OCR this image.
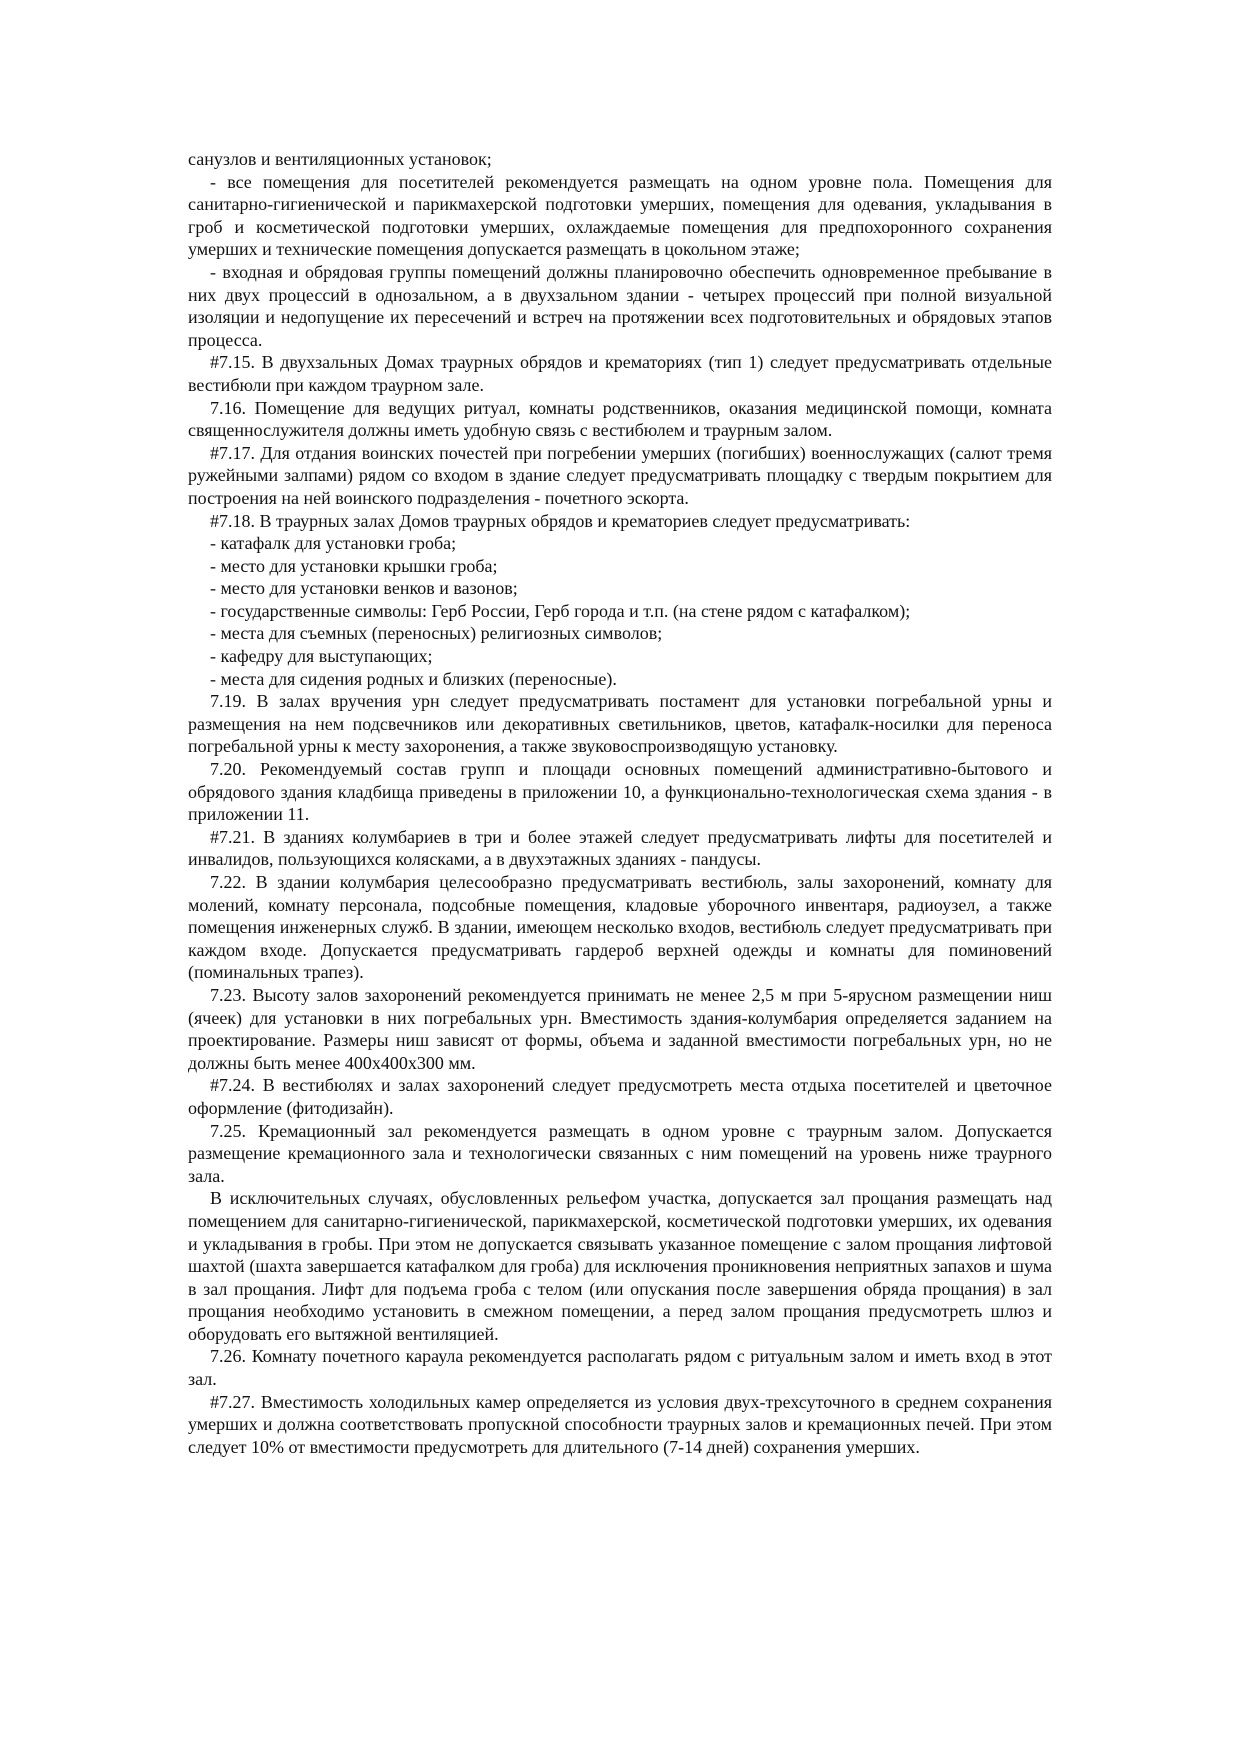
санузлов и вентиляционных установок;

- все помещения для посетителей рекомендуется размещать на одном уровне пола. Помещения для санитарно-гигиенической и парикмахерской подготовки умерших, помещения для одевания, укладывания в гроб и косметической подготовки умерших, охлаждаемые помещения для предпохоронного сохранения умерших и технические помещения допускается размещать в цокольном этаже;

- входная и обрядовая группы помещений должны планировочно обеспечить одновременное пребывание в них двух процессий в однозальном, а в двухзальном здании - четырех процессий при полной визуальной изоляции и недопущение их пересечений и встреч на протяжении всех подготовительных и обрядовых этапов процесса.

#7.15. В двухзальных Домах траурных обрядов и крематориях (тип 1) следует предусматривать отдельные вестибюли при каждом траурном зале.

7.16. Помещение для ведущих ритуал, комнаты родственников, оказания медицинской помощи, комната священнослужителя должны иметь удобную связь с вестибюлем и траурным залом.

#7.17. Для отдания воинских почестей при погребении умерших (погибших) военнослужащих (салют тремя ружейными залпами) рядом со входом в здание следует предусматривать площадку с твердым покрытием для построения на ней воинского подразделения - почетного эскорта.

#7.18. В траурных залах Домов траурных обрядов и крематориев следует предусматривать:

- катафалк для установки гроба;

- место для установки крышки гроба;

- место для установки венков и вазонов;

- государственные символы: Герб России, Герб города и т.п. (на стене рядом с катафалком);

- места для съемных (переносных) религиозных символов;

- кафедру для выступающих;

- места для сидения родных и близких (переносные).

7.19. В залах вручения урн следует предусматривать постамент для установки погребальной урны и размещения на нем подсвечников или декоративных светильников, цветов, катафалк-носилки для переноса погребальной урны к месту захоронения, а также звуковоспроизводящую установку.

7.20. Рекомендуемый состав групп и площади основных помещений административно-бытового и обрядового здания кладбища приведены в приложении 10, а функционально-технологическая схема здания - в приложении 11.

#7.21. В зданиях колумбариев в три и более этажей следует предусматривать лифты для посетителей и инвалидов, пользующихся колясками, а в двухэтажных зданиях - пандусы.

7.22. В здании колумбария целесообразно предусматривать вестибюль, залы захоронений, комнату для молений, комнату персонала, подсобные помещения, кладовые уборочного инвентаря, радиоузел, а также помещения инженерных служб. В здании, имеющем несколько входов, вестибюль следует предусматривать при каждом входе. Допускается предусматривать гардероб верхней одежды и комнаты для поминовений (поминальных трапез).

7.23. Высоту залов захоронений рекомендуется принимать не менее 2,5 м при 5-ярусном размещении ниш (ячеек) для установки в них погребальных урн. Вместимость здания-колумбария определяется заданием на проектирование. Размеры ниш зависят от формы, объема и заданной вместимости погребальных урн, но не должны быть менее 400х400х300 мм.

#7.24. В вестибюлях и залах захоронений следует предусмотреть места отдыха посетителей и цветочное оформление (фитодизайн).

7.25. Кремационный зал рекомендуется размещать в одном уровне с траурным залом. Допускается размещение кремационного зала и технологически связанных с ним помещений на уровень ниже траурного зала.

В исключительных случаях, обусловленных рельефом участка, допускается зал прощания размещать над помещением для санитарно-гигиенической, парикмахерской, косметической подготовки умерших, их одевания и укладывания в гробы. При этом не допускается связывать указанное помещение с залом прощания лифтовой шахтой (шахта завершается катафалком для гроба) для исключения проникновения неприятных запахов и шума в зал прощания. Лифт для подъема гроба с телом (или опускания после завершения обряда прощания) в зал прощания необходимо установить в смежном помещении, а перед залом прощания предусмотреть шлюз и оборудовать его вытяжной вентиляцией.

7.26. Комнату почетного караула рекомендуется располагать рядом с ритуальным залом и иметь вход в этот зал.

#7.27. Вместимость холодильных камер определяется из условия двух-трехсуточного в среднем сохранения умерших и должна соответствовать пропускной способности траурных залов и кремационных печей. При этом следует 10% от вместимости предусмотреть для длительного (7-14 дней) сохранения умерших.
